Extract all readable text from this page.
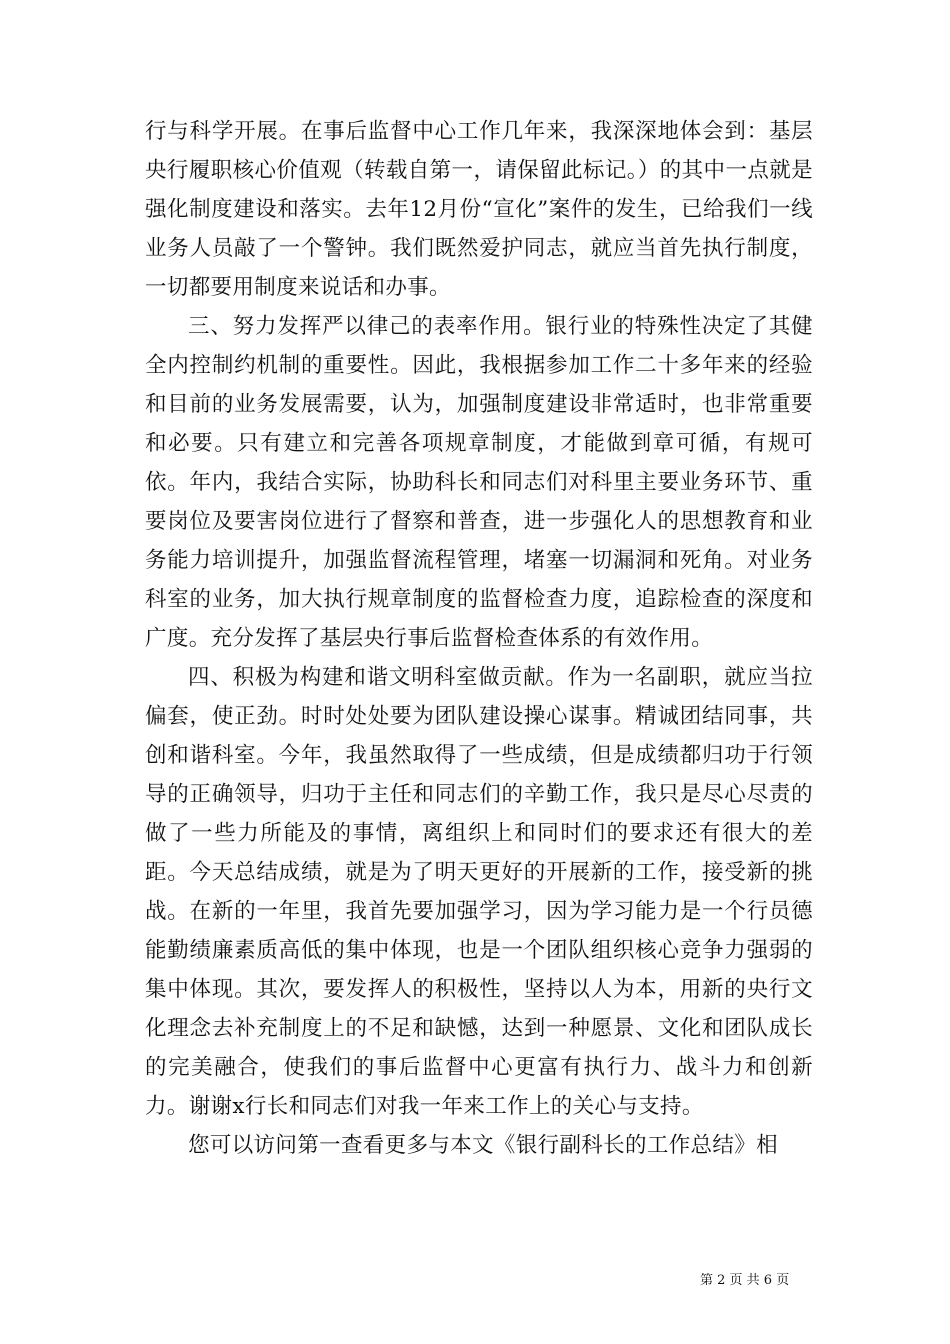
行与科学开展。在事后监督中心工作几年来，我深深地体会到：基层央行履职核心价值观（转载自第一，请保留此标记。）的其中一点就是强化制度建设和落实。去年12月份“宣化”案件的发生，已给我们一线业务人员敲了一个警钟。我们既然爱护同志，就应当首先执行制度，一切都要用制度来说话和办事。

三、努力发挥严以律己的表率作用。银行业的特殊性决定了其健全内控制约机制的重要性。因此，我根据参加工作二十多年来的经验和目前的业务发展需要，认为，加强制度建设非常适时，也非常重要和必要。只有建立和完善各项规章制度，才能做到章可循，有规可依。年内，我结合实际，协助科长和同志们对科里主要业务环节、重要岗位及要害岗位进行了督察和普查，进一步强化人的思想教育和业务能力培训提升，加强监督流程管理，堵塞一切漏洞和死角。对业务科室的业务，加大执行规章制度的监督检查力度，追踪检查的深度和广度。充分发挥了基层央行事后监督检查体系的有效作用。

四、积极为构建和谐文明科室做贡献。作为一名副职，就应当拉偏套，使正劲。时时处处要为团队建设操心谋事。精诚团结同事，共创和谐科室。今年，我虽然取得了一些成绩，但是成绩都归功于行领导的正确领导，归功于主任和同志们的辛勤工作，我只是尽心尽责的做了一些力所能及的事情，离组织上和同时们的要求还有很大的差距。今天总结成绩，就是为了明天更好的开展新的工作，接受新的挑战。在新的一年里，我首先要加强学习，因为学习能力是一个行员德能勤绩廉素质高低的集中体现，也是一个团队组织核心竞争力强弱的集中体现。其次，要发挥人的积极性，坚持以人为本，用新的央行文化理念去补充制度上的不足和缺憾，达到一种愿景、文化和团队成长的完美融合，使我们的事后监督中心更富有执行力、战斗力和创新力。谢谢x行长和同志们对我一年来工作上的关心与支持。

您可以访问第一查看更多与本文《银行副科长的工作总结》相

第 2 页 共 6 页
